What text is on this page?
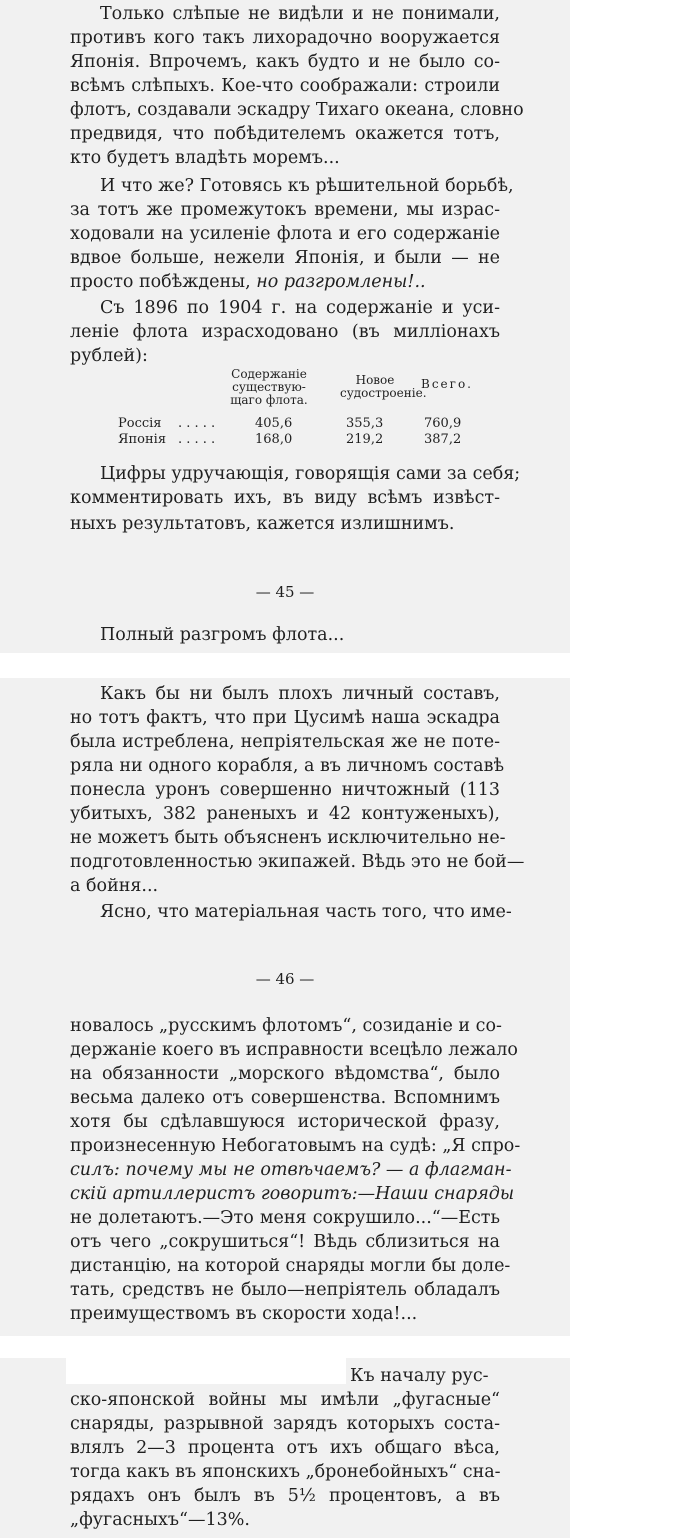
Только слѣпые не видѣли и не понимали,

противъ кого такъ лихорадочно вооружается

Японія. Впрочемъ, какъ будто и не было со-

всѣмъ слѣпыхъ. Кое-что соображали: строили

флотъ, создавали эскадру Тихаго океана, словно

предвидя, что побѣдителемъ окажется тотъ,

кто будетъ владѣть моремъ...

И что же? Готовясь къ рѣшительной борьбѣ,

за тотъ же промежутокъ времени, мы израс-

ходовали на усиленіе флота и его содержаніе

вдвое больше, нежели Японія, и были — не

просто побѣждены, но разгромлены!..

Съ 1896 по 1904 г. на содержаніе и уси-

леніе флота израсходовано (въ милліонахъ

рублей):

Содержаніе существую-щаго флота.
Новое судостроеніе.
Всего.
Россія . . . . .	405,6	355,3	760,9
Японія . . . . .	168,0	219,2	387,2

Цифры удручающія, говорящія сами за себя;

комментировать ихъ, въ виду всѣмъ извѣст-

ныхъ результатовъ, кажется излишнимъ.

— 45 —

Полный разгромъ флота...

Какъ бы ни былъ плохъ личный составъ,

но тотъ фактъ, что при Цусимѣ наша эскадра

была истреблена, непріятельская же не поте-

ряла ни одного корабля, а въ личномъ составѣ

понесла уронъ совершенно ничтожный (113

убитыхъ, 382 раненыхъ и 42 контуженыхъ),

не можетъ быть объясненъ исключительно не-

подготовленностью экипажей. Вѣдь это не бой—

а бойня...

Ясно, что матеріальная часть того, что име-

— 46 —

новалось „русскимъ флотомъ“, созиданіе и со-

держаніе коего въ исправности всецѣло лежало

на обязанности „морского вѣдомства“, было

весьма далеко отъ совершенства. Вспомнимъ

хотя бы сдѣлавшуюся исторической фразу,

произнесенную Небогатовымъ на судѣ: „Я спро-

силъ: почему мы не отвѣчаемъ? — а флагман-

скій артиллеристъ говоритъ:—Наши снаряды

не долетаютъ.—Это меня сокрушило...“—Есть

отъ чего „сокрушиться“! Вѣдь сблизиться на

дистанцію, на которой снаряды могли бы доле-

тать, средствъ не было—непріятель обладалъ

преимуществомъ въ скорости хода!...

Къ началу рус-

ско-японской войны мы имѣли „фугасные“

снаряды, разрывной зарядъ которыхъ соста-

влялъ 2—3 процента отъ ихъ общаго вѣса,

тогда какъ въ японскихъ „бронебойныхъ“ сна-

рядахъ онъ былъ въ 5½ процентовъ, а въ

„фугасныхъ“—13%.
